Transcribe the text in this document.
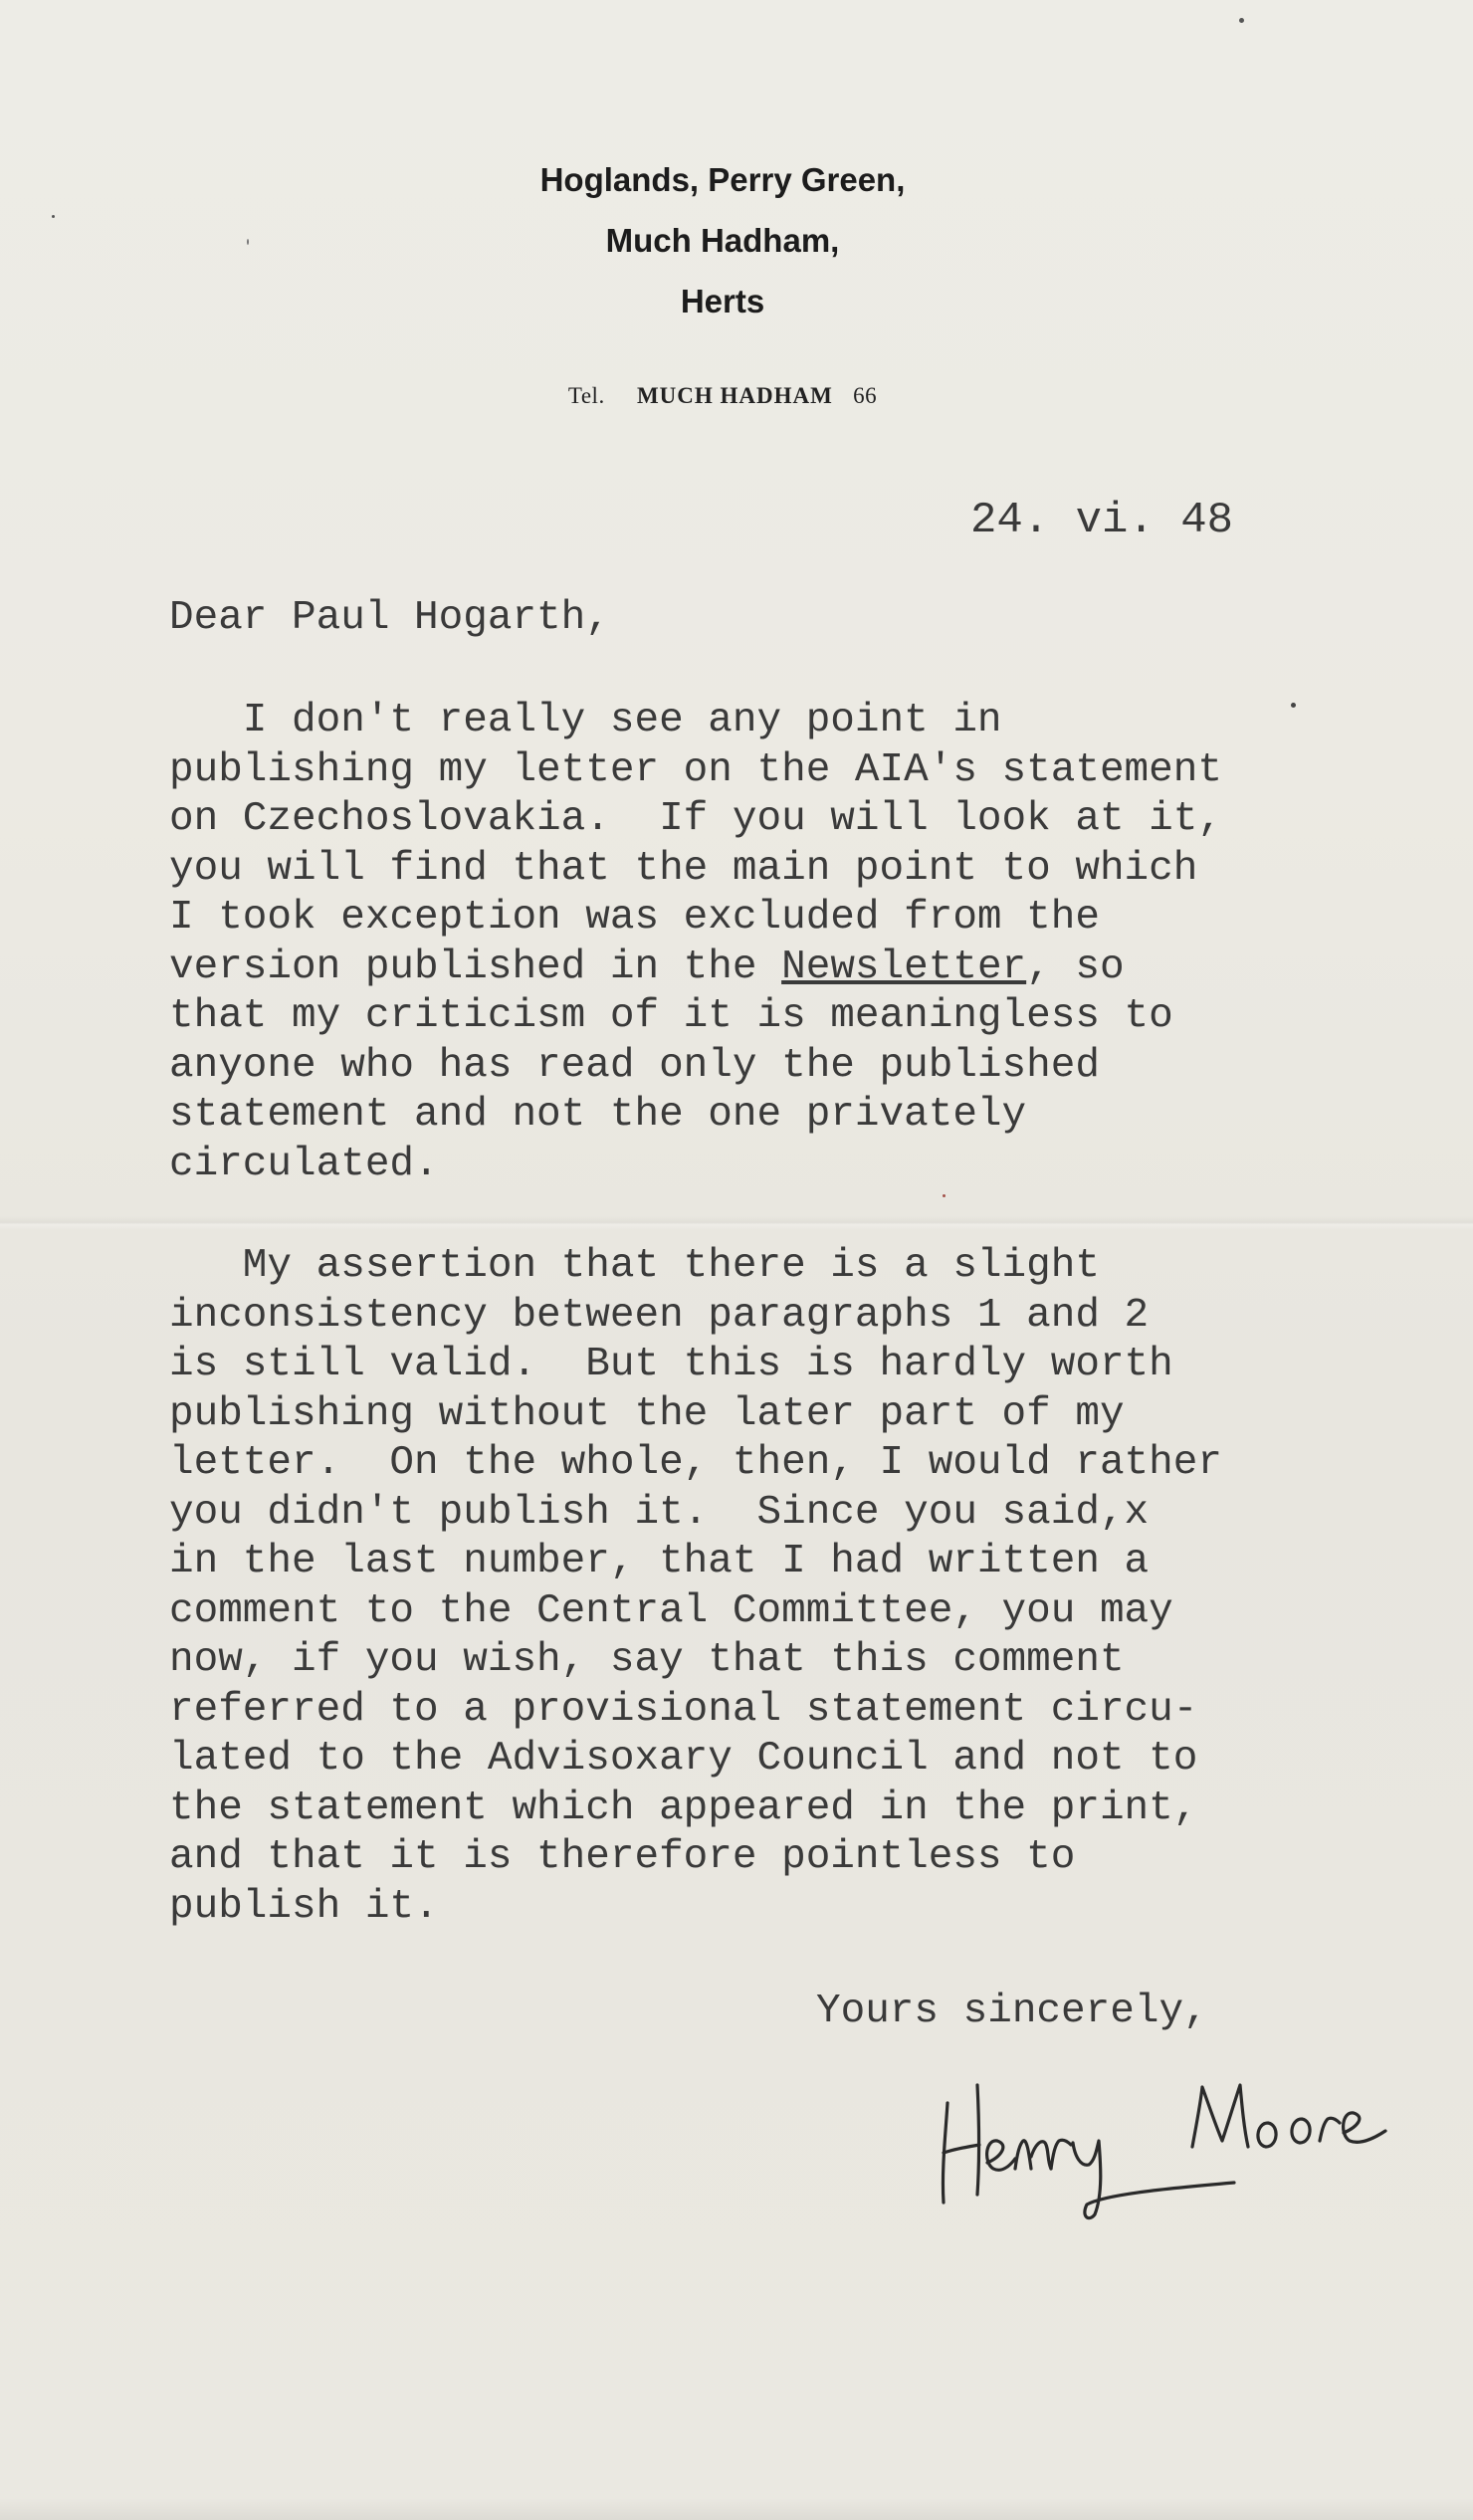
Hoglands, Perry Green,
Much Hadham,
Herts
Tel. MUCH HADHAM 66
24. vi. 48
Dear Paul Hogarth,
I don't really see any point in
publishing my letter on the AIA's statement
on Czechoslovakia.  If you will look at it,
you will find that the main point to which
I took exception was excluded from the
version published in the Newsletter, so
that my criticism of it is meaningless to
anyone who has read only the published
statement and not the one privately
circulated.
My assertion that there is a slight
inconsistency between paragraphs 1 and 2
is still valid.  But this is hardly worth
publishing without the later part of my
letter.  On the whole, then, I would rather
you didn't publish it.  Since you said,x
in the last number, that I had written a
comment to the Central Committee, you may
now, if you wish, say that this comment
referred to a provisional statement circu-
lated to the Advisoxary Council and not to
the statement which appeared in the print,
and that it is therefore pointless to
publish it.
Yours sincerely,
